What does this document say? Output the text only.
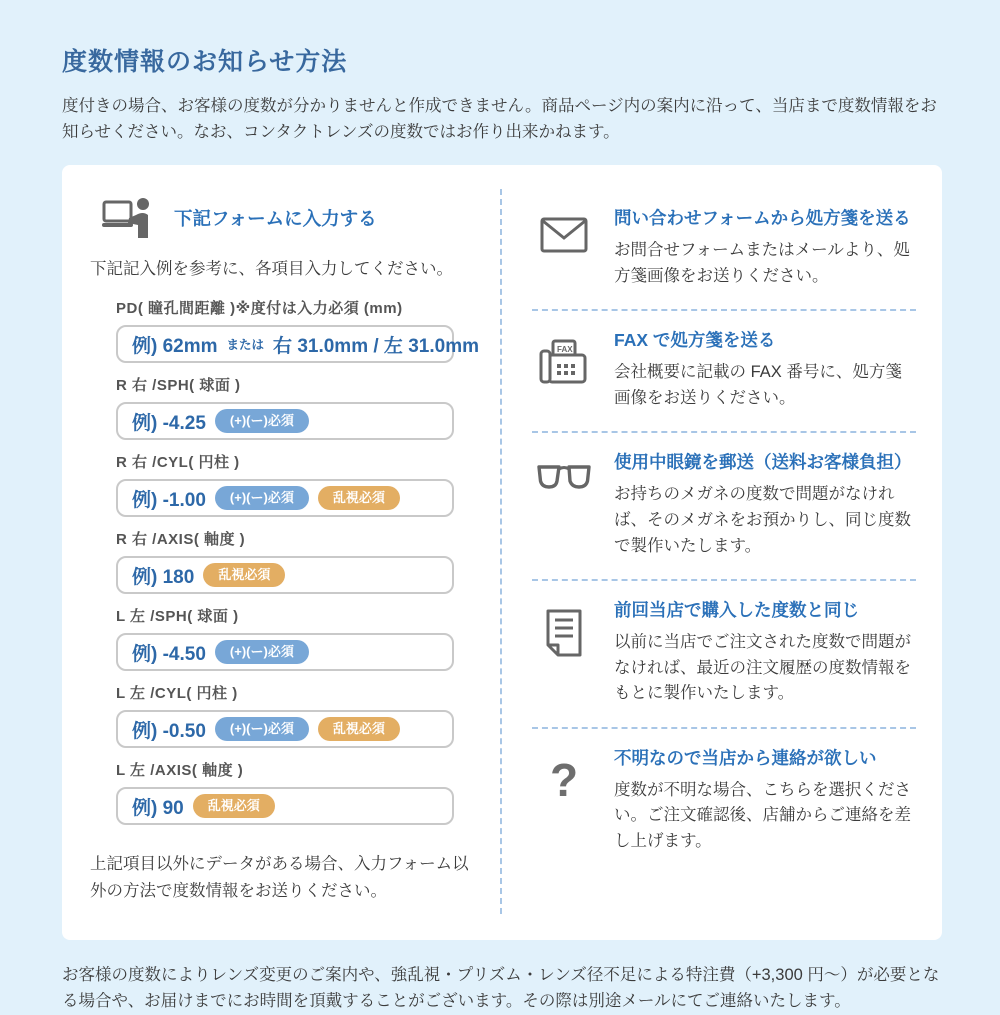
度数情報のお知らせ方法

度付きの場合、お客様の度数が分かりませんと作成できません。商品ページ内の案内に沿って、当店まで度数情報をお知らせください。なお、コンタクトレンズの度数ではお作り出来かねます。

下記フォームに入力する

下記記入例を参考に、各項目入力してください。

PD( 瞳孔間距離 )※度付は入力必須 (mm)
例) 62mm または 右 31.0mm / 左 31.0mm
R 右 /SPH( 球面 )
例) -4.25	(+)(ー)必須
R 右 /CYL( 円柱 )
例) -1.00	(+)(ー)必須	乱視必須
R 右 /AXIS( 軸度 )
例) 180	乱視必須
L 左 /SPH( 球面 )
例) -4.50	(+)(ー)必須
L 左 /CYL( 円柱 )
例) -0.50	(+)(ー)必須	乱視必須
L 左 /AXIS( 軸度 )
例) 90	乱視必須

上記項目以外にデータがある場合、入力フォーム以外の方法で度数情報をお送りください。

問い合わせフォームから処方箋を送る

お問合せフォームまたはメールより、処方箋画像をお送りください。

FAX FAX で処方箋を送る

会社概要に記載の FAX 番号に、処方箋画像をお送りください。

使用中眼鏡を郵送（送料お客様負担）

お持ちのメガネの度数で問題がなければ、そのメガネをお預かりし、同じ度数で製作いたします。

前回当店で購入した度数と同じ

以前に当店でご注文された度数で問題がなければ、最近の注文履歴の度数情報をもとに製作いたします。

? 不明なので当店から連絡が欲しい

度数が不明な場合、こちらを選択ください。ご注文確認後、店舗からご連絡を差し上げます。

お客様の度数によりレンズ変更のご案内や、強乱視・プリズム・レンズ径不足による特注費（+3,300 円～）が必要となる場合や、お届けまでにお時間を頂戴することがございます。その際は別途メールにてご連絡いたします。
